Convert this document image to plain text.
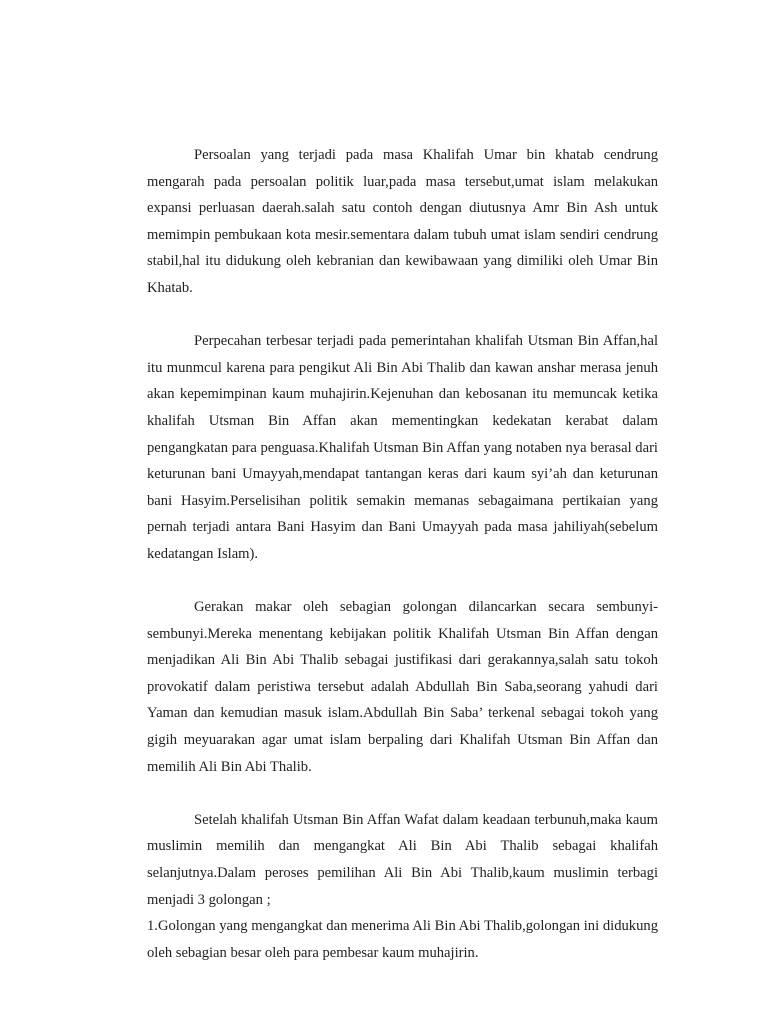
Persoalan yang terjadi pada masa Khalifah Umar bin khatab cendrung mengarah pada persoalan politik luar,pada masa tersebut,umat islam melakukan expansi perluasan daerah.salah satu contoh dengan diutusnya Amr Bin Ash untuk memimpin pembukaan kota mesir.sementara dalam tubuh umat islam sendiri cendrung stabil,hal itu didukung oleh kebranian dan kewibawaan yang dimiliki oleh Umar Bin Khatab.

Perpecahan terbesar terjadi pada pemerintahan khalifah Utsman Bin Affan,hal itu munmcul karena para pengikut Ali Bin Abi Thalib dan kawan anshar merasa jenuh akan kepemimpinan kaum muhajirin.Kejenuhan dan kebosanan itu memuncak ketika khalifah Utsman Bin Affan akan mementingkan kedekatan kerabat dalam pengangkatan para penguasa.Khalifah Utsman Bin Affan yang notaben nya berasal dari keturunan bani Umayyah,mendapat tantangan keras dari kaum syi’ah dan keturunan bani Hasyim.Perselisihan politik semakin memanas sebagaimana pertikaian yang pernah terjadi antara Bani Hasyim dan Bani Umayyah pada masa jahiliyah(sebelum kedatangan Islam).

Gerakan makar oleh sebagian golongan dilancarkan secara sembunyi-sembunyi.Mereka menentang kebijakan politik Khalifah Utsman Bin Affan dengan menjadikan Ali Bin Abi Thalib sebagai justifikasi dari gerakannya,salah satu tokoh provokatif dalam peristiwa tersebut adalah Abdullah Bin Saba,seorang yahudi dari Yaman dan kemudian masuk islam.Abdullah Bin Saba’ terkenal sebagai tokoh yang gigih meyuarakan agar umat islam berpaling dari Khalifah Utsman Bin Affan dan memilih Ali Bin Abi Thalib.

Setelah khalifah Utsman Bin Affan Wafat dalam keadaan terbunuh,maka kaum muslimin memilih dan mengangkat Ali Bin Abi Thalib sebagai khalifah selanjutnya.Dalam peroses pemilihan Ali Bin Abi Thalib,kaum muslimin terbagi menjadi 3 golongan ;

1.Golongan yang mengangkat dan menerima Ali Bin Abi Thalib,golongan ini didukung oleh sebagian besar oleh para pembesar kaum muhajirin.
